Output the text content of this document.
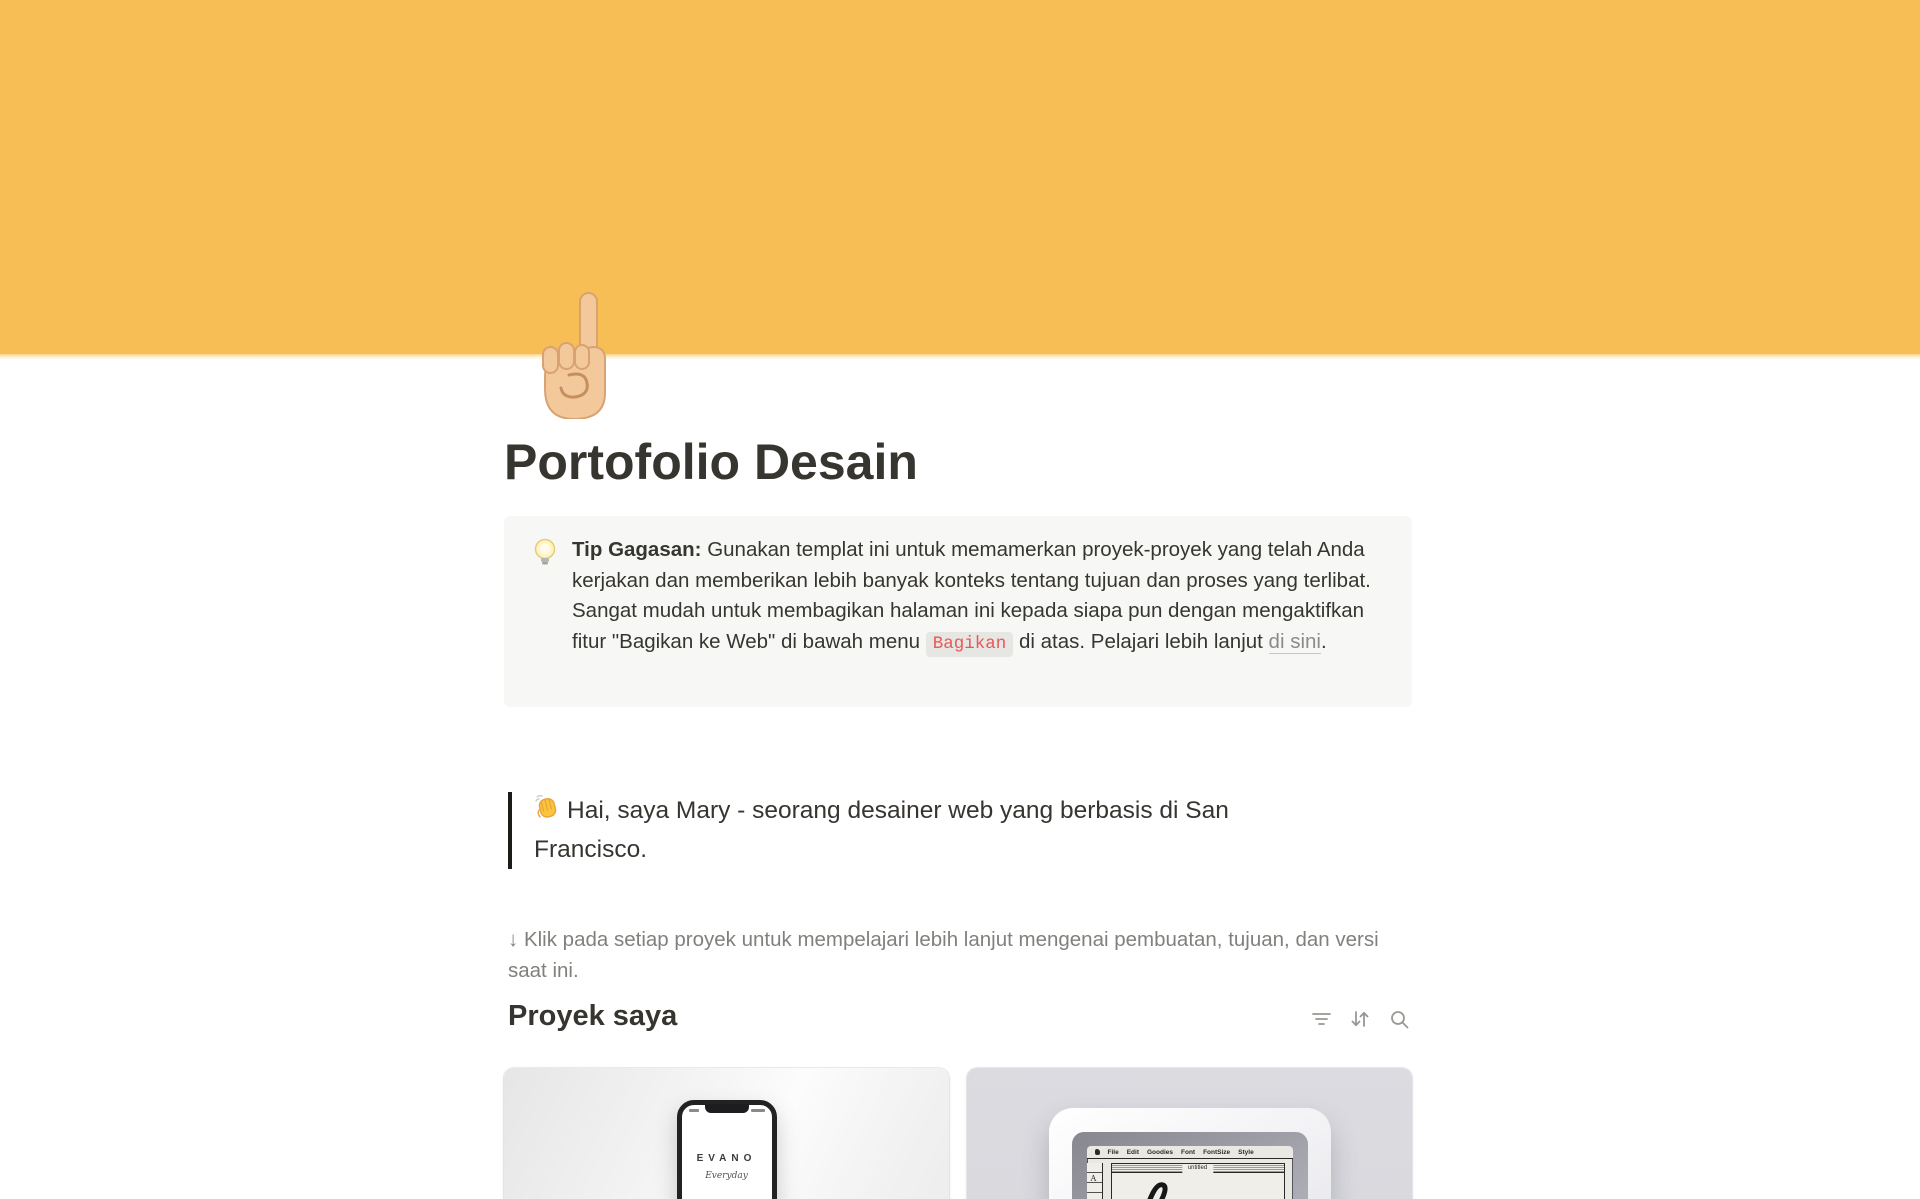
Portofolio Desain
Tip Gagasan: Gunakan templat ini untuk memamerkan proyek-proyek yang telah Anda kerjakan dan memberikan lebih banyak konteks tentang tujuan dan proses yang terlibat. Sangat mudah untuk membagikan halaman ini kepada siapa pun dengan mengaktifkan fitur "Bagikan ke Web" di bawah menu Bagikan di atas. Pelajari lebih lanjut di sini.
Hai, saya Mary - seorang desainer web yang berbasis di San Francisco.

↓ Klik pada setiap proyek untuk mempelajari lebih lanjut mengenai pembuatan, tujuan, dan versi saat ini.

Proyek saya
EVANO
Everyday
File Edit Goodies Font FontSize Style
untitled
A
